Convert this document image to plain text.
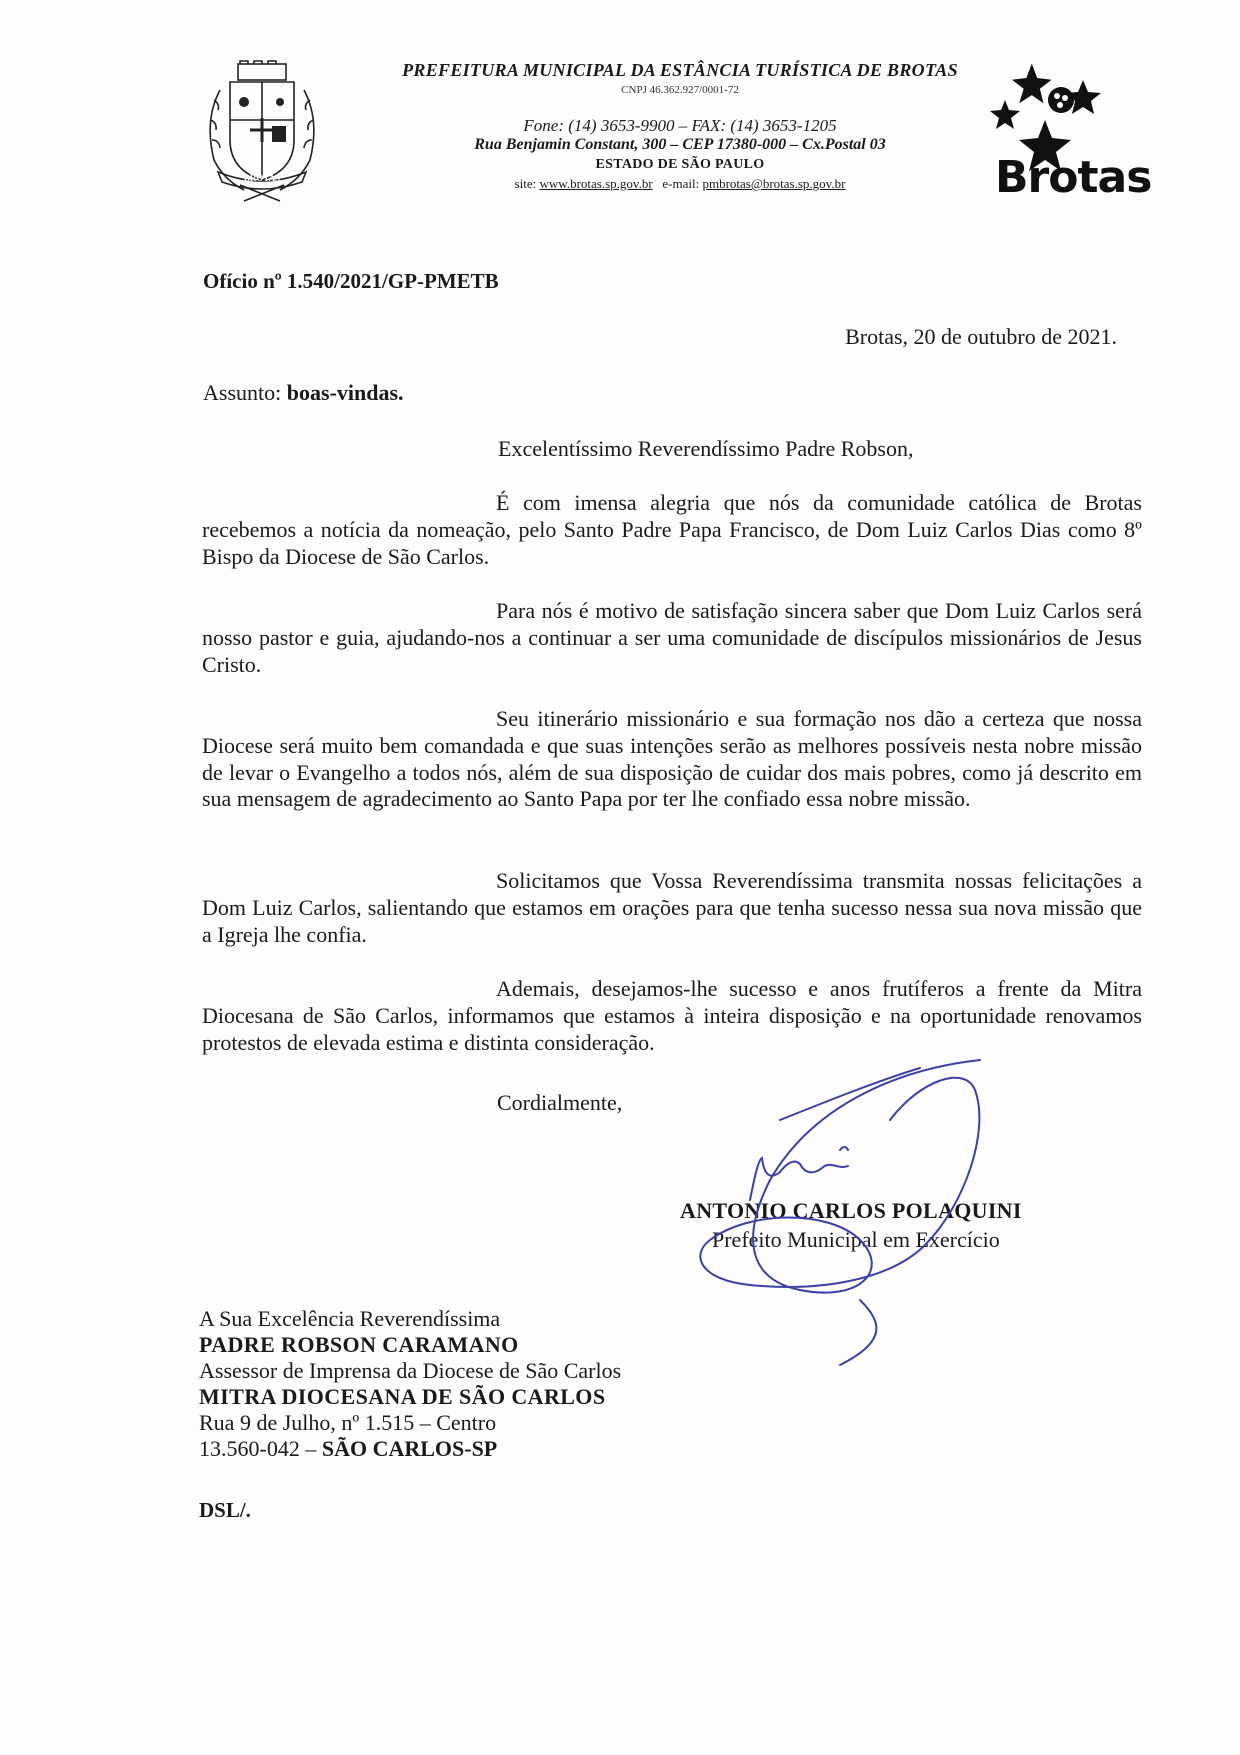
BROTAS
PREFEITURA MUNICIPAL DA ESTÂNCIA TURÍSTICA DE BROTAS
CNPJ 46.362.927/0001-72
Fone: (14) 3653-9900 – FAX: (14) 3653-1205
Rua Benjamin Constant, 300 – CEP 17380-000 – Cx.Postal 03
ESTADO DE SÃO PAULO
site: www.brotas.sp.gov.br e-mail: pmbrotas@brotas.sp.gov.br	Brotas
Ofício nº 1.540/2021/GP-PMETB
Brotas, 20 de outubro de 2021.
Assunto: boas-vindas.
Excelentíssimo Reverendíssimo Padre Robson,
É com imensa alegria que nós da comunidade católica de Brotas recebemos a notícia da nomeação, pelo Santo Padre Papa Francisco, de Dom Luiz Carlos Dias como 8º Bispo da Diocese de São Carlos.
Para nós é motivo de satisfação sincera saber que Dom Luiz Carlos será nosso pastor e guia, ajudando-nos a continuar a ser uma comunidade de discípulos missionários de Jesus Cristo.
Seu itinerário missionário e sua formação nos dão a certeza que nossa Diocese será muito bem comandada e que suas intenções serão as melhores possíveis nesta nobre missão de levar o Evangelho a todos nós, além de sua disposição de cuidar dos mais pobres, como já descrito em sua mensagem de agradecimento ao Santo Papa por ter lhe confiado essa nobre missão.
Solicitamos que Vossa Reverendíssima transmita nossas felicitações a Dom Luiz Carlos, salientando que estamos em orações para que tenha sucesso nessa sua nova missão que a Igreja lhe confia.
Ademais, desejamos-lhe sucesso e anos frutíferos a frente da Mitra Diocesana de São Carlos, informamos que estamos à inteira disposição e na oportunidade renovamos protestos de elevada estima e distinta consideração.
Cordialmente,
ANTONIO CARLOS POLAQUINI
Prefeito Municipal em Exercício
A Sua Excelência Reverendíssima
PADRE ROBSON CARAMANO
Assessor de Imprensa da Diocese de São Carlos
MITRA DIOCESANA DE SÃO CARLOS
Rua 9 de Julho, nº 1.515 – Centro
13.560-042 – SÃO CARLOS-SP
DSL/.
